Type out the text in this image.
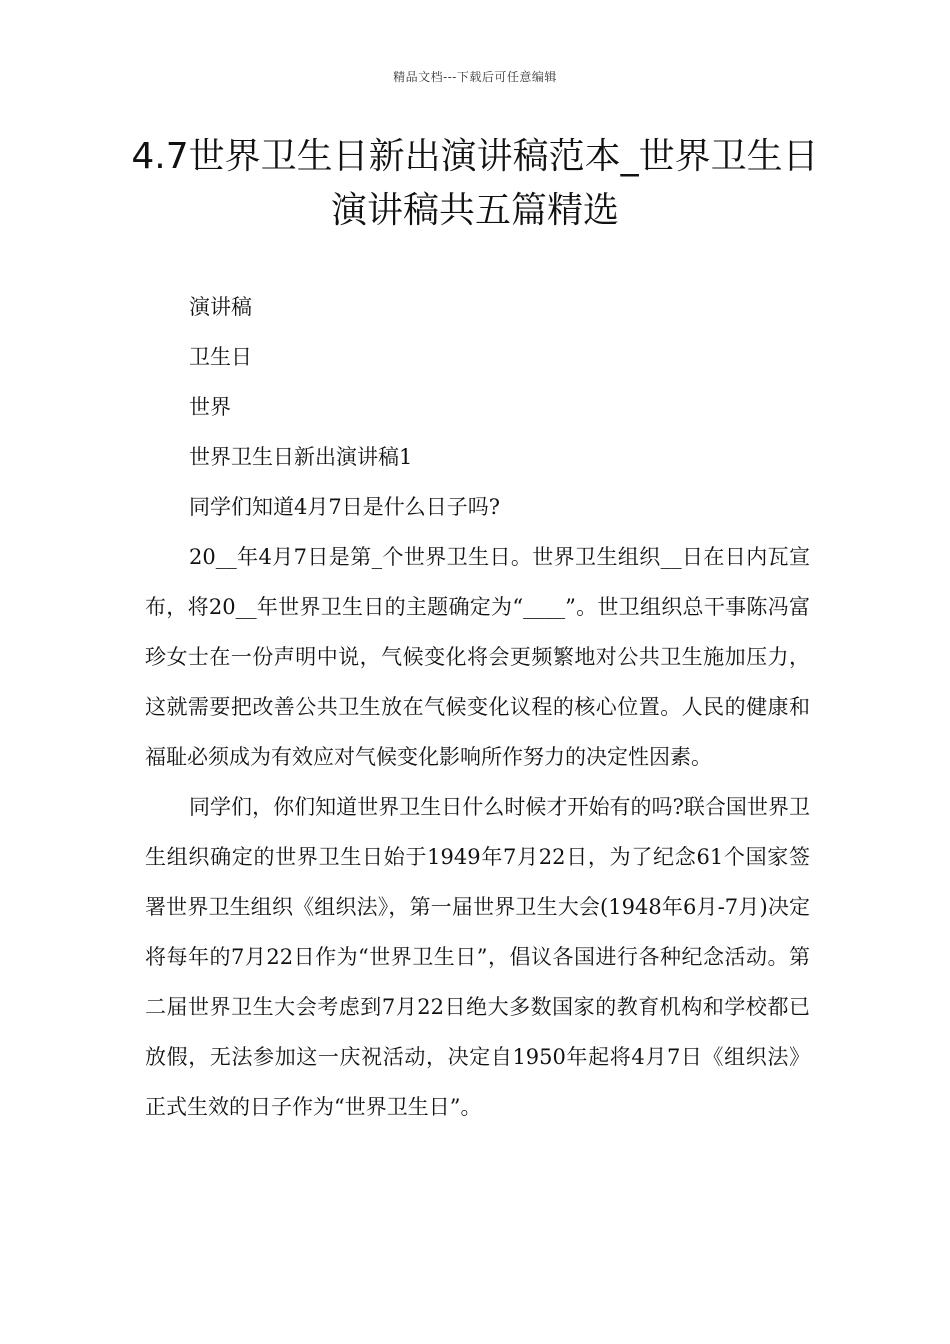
精品文档---下载后可任意编辑
4.7世界卫生日新出演讲稿范本_世界卫生日演讲稿共五篇精选

演讲稿

卫生日

世界

世界卫生日新出演讲稿1

同学们知道4月7日是什么日子吗?

20__年4月7日是第_个世界卫生日。世界卫生组织__日在日内瓦宣布，将20__年世界卫生日的主题确定为“____”。世卫组织总干事陈冯富珍女士在一份声明中说，气候变化将会更频繁地对公共卫生施加压力，这就需要把改善公共卫生放在气候变化议程的核心位置。人民的健康和福耻必须成为有效应对气候变化影响所作努力的决定性因素。

同学们，你们知道世界卫生日什么时候才开始有的吗?联合国世界卫生组织确定的世界卫生日始于1949年7月22日，为了纪念61个国家签署世界卫生组织《组织法》，第一届世界卫生大会(1948年6月-7月)决定将每年的7月22日作为“世界卫生日”，倡议各国进行各种纪念活动。第二届世界卫生大会考虑到7月22日绝大多数国家的教育机构和学校都已放假，无法参加这一庆祝活动，决定自1950年起将4月7日《组织法》正式生效的日子作为“世界卫生日”。
